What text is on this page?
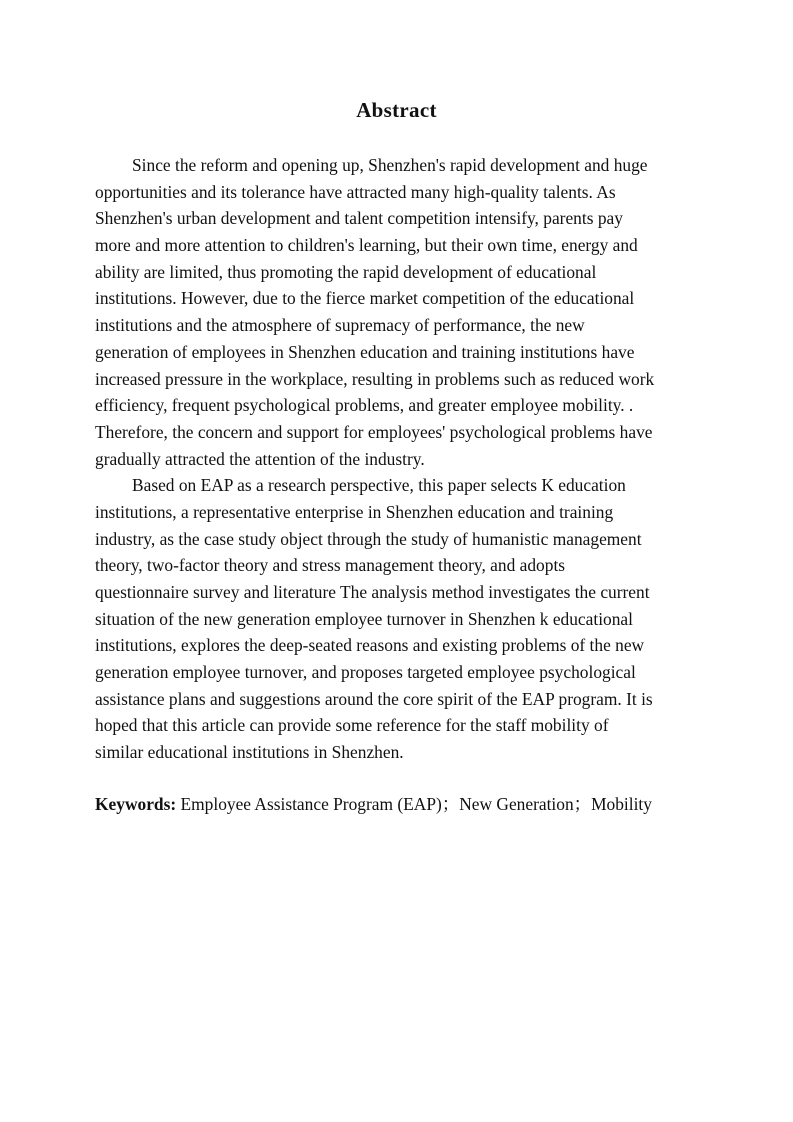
Abstract
Since the reform and opening up, Shenzhen's rapid development and huge
opportunities and its tolerance have attracted many high-quality talents. As
Shenzhen's urban development and talent competition intensify, parents pay
more and more attention to children's learning, but their own time, energy and
ability are limited, thus promoting the rapid development of educational
institutions. However, due to the fierce market competition of the educational
institutions and the atmosphere of supremacy of performance, the new
generation of employees in Shenzhen education and training institutions have
increased pressure in the workplace, resulting in problems such as reduced work
efficiency, frequent psychological problems, and greater employee mobility. .
Therefore, the concern and support for employees' psychological problems have
gradually attracted the attention of the industry.
Based on EAP as a research perspective, this paper selects K education
institutions, a representative enterprise in Shenzhen education and training
industry, as the case study object through the study of humanistic management
theory, two-factor theory and stress management theory, and adopts
questionnaire survey and literature The analysis method investigates the current
situation of the new generation employee turnover in Shenzhen k educational
institutions, explores the deep-seated reasons and existing problems of the new
generation employee turnover, and proposes targeted employee psychological
assistance plans and suggestions around the core spirit of the EAP program. It is
hoped that this article can provide some reference for the staff mobility of
similar educational institutions in Shenzhen.
Keywords: Employee Assistance Program (EAP)；New Generation；Mobility
